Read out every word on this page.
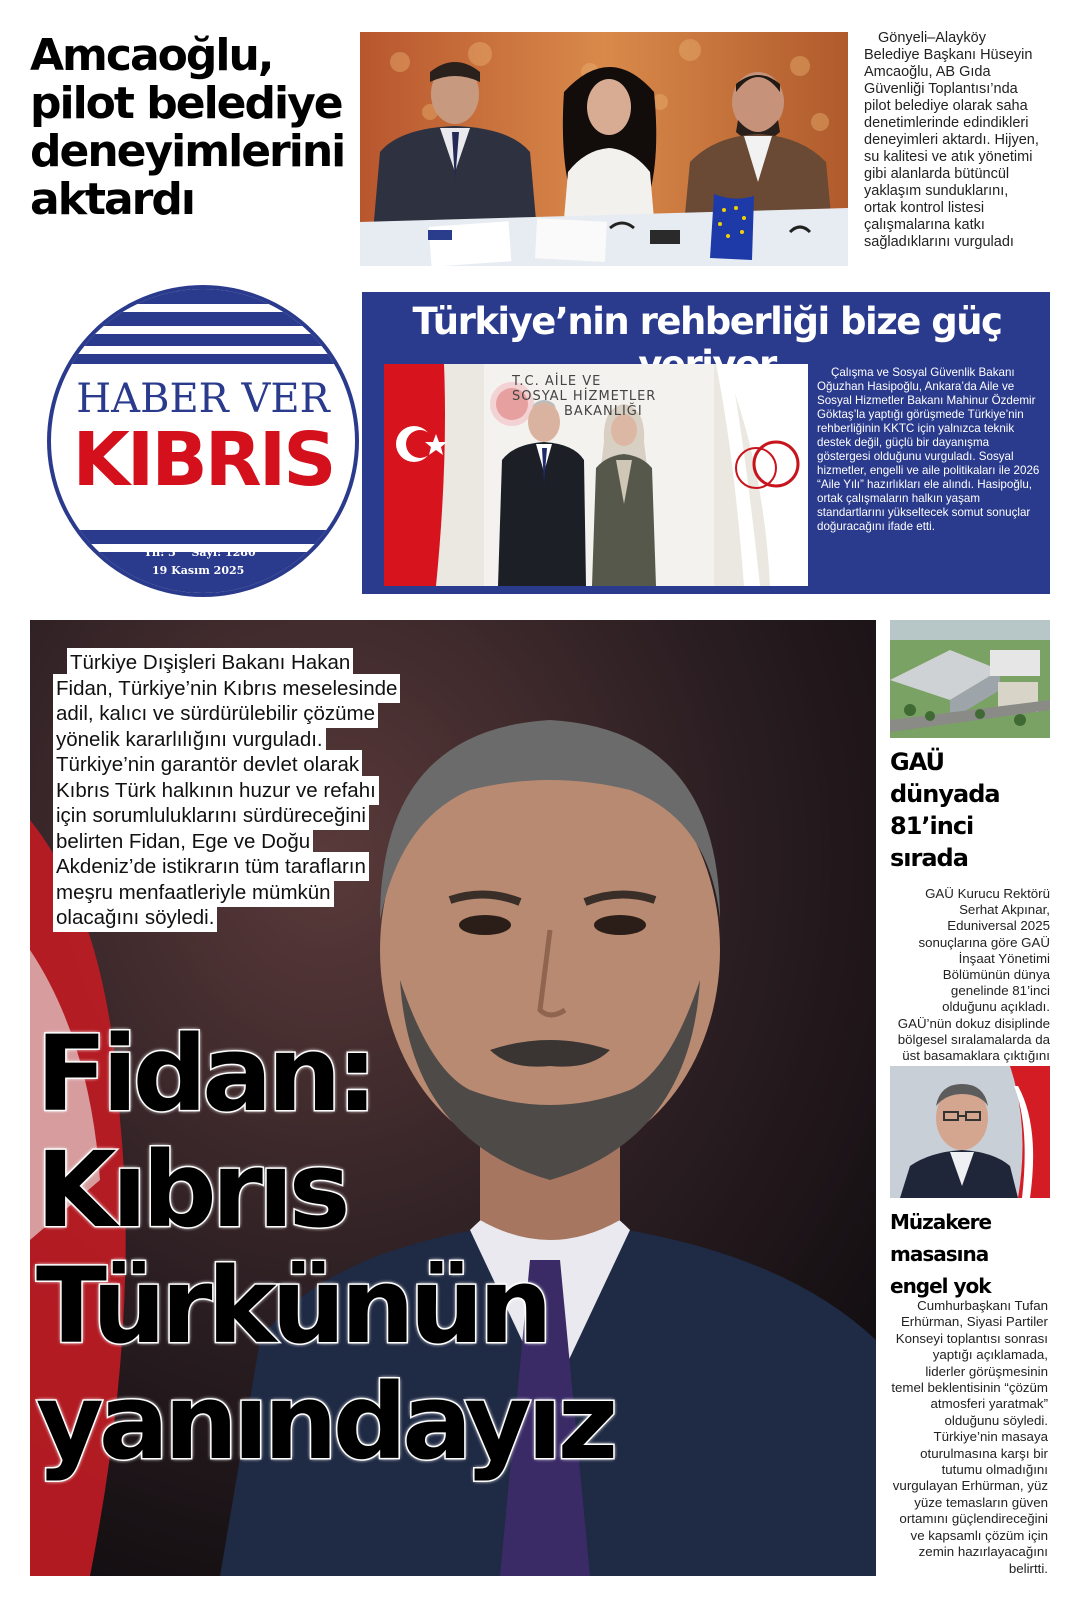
Amcaoğlu, pilot belediye deneyimlerini aktardı
Gönyeli–Alayköy Belediye Başkanı Hüseyin Amcaoğlu, AB Gıda Güvenliği Toplantısı’nda pilot belediye olarak saha denetimlerinde edindikleri deneyimleri aktardı. Hijyen, su kalitesi ve atık yönetimi gibi alanlarda bütüncül yaklaşım sunduklarını, ortak kontrol listesi çalışmalarına katkı sağladıklarını vurguladı
HABER VER
KIBRIS
Yıl: 3 Sayı: 1280
19 Kasım 2025
Türkiye’nin rehberliği bize güç
T.C. AİLE VE
SOSYAL HİZMETLER
BAKANLIĞI
Çalışma ve Sosyal Güvenlik Bakanı Oğuzhan Hasipoğlu, Ankara’da Aile ve Sosyal Hizmetler Bakanı Mahinur Özdemir Göktaş’la yaptığı görüşmede Türkiye’nin rehberliğinin KKTC için yalnızca teknik destek değil, güçlü bir dayanışma göstergesi olduğunu vurguladı. Sosyal hizmetler, engelli ve aile politikaları ile 2026 “Aile Yılı” hazırlıkları ele alındı. Hasipoğlu, ortak çalışmaların halkın yaşam standartlarını yükseltecek somut sonuçlar doğuracağını ifade etti.
Türkiye Dışişleri Bakanı Hakan Fidan, Türkiye’nin Kıbrıs meselesinde adil, kalıcı ve sürdürülebilir çözüme yönelik kararlılığını vurguladı. Türkiye’nin garantör devlet olarak Kıbrıs Türk halkının huzur ve refahı için sorumluluklarını sürdüreceğini belirten Fidan, Ege ve Doğu Akdeniz’de istikrarın tüm tarafların meşru menfaatleriyle mümkün olacağını söyledi.
Fidan:
Kıbrıs
Türkünün
yanındayız
GAÜ dünyada 81’inci sırada
GAÜ Kurucu Rektörü Serhat Akpınar, Eduniversal 2025 sonuçlarına göre GAÜ İnşaat Yönetimi Bölümünün dünya genelinde 81’inci olduğunu açıkladı. GAÜ’nün dokuz disiplinde bölgesel sıralamalarda da üst basamaklara çıktığını
Müzakere masasına engel yok
Cumhurbaşkanı Tufan Erhürman, Siyasi Partiler Konseyi toplantısı sonrası yaptığı açıklamada, liderler görüşmesinin temel beklentisinin “çözüm atmosferi yaratmak” olduğunu söyledi. Türkiye’nin masaya oturulmasına karşı bir tutumu olmadığını vurgulayan Erhürman, yüz yüze temasların güven ortamını güçlendireceğini ve kapsamlı çözüm için zemin hazırlayacağını belirtti.
